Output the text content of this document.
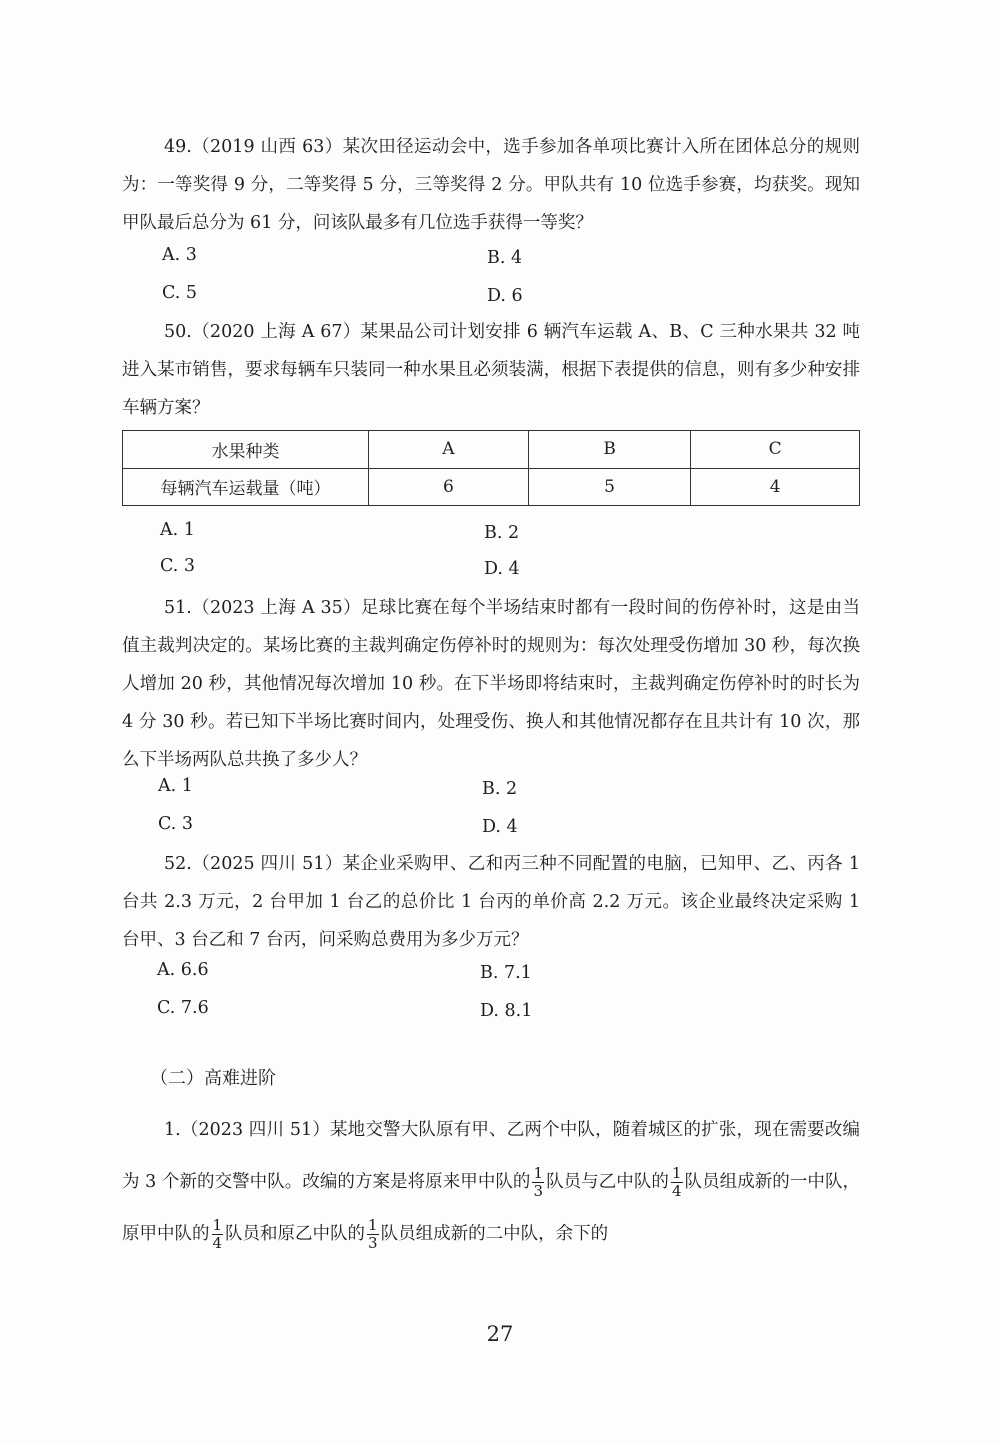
49.（2019 山西 63）某次田径运动会中，选手参加各单项比赛计入所在团体总分的规则为：一等奖得 9 分，二等奖得 5 分，三等奖得 2 分。甲队共有 10 位选手参赛，均获奖。现知甲队最后总分为 61 分，问该队最多有几位选手获得一等奖？

A. 3	B. 4
C. 5	D. 6

50.（2020 上海 A 67）某果品公司计划安排 6 辆汽车运载 A、B、C 三种水果共 32 吨进入某市销售，要求每辆车只装同一种水果且必须装满，根据下表提供的信息，则有多少种安排车辆方案？

水果种类	A	B	C
每辆汽车运载量（吨）	6	5	4
A. 1	B. 2
C. 3	D. 4

51.（2023 上海 A 35）足球比赛在每个半场结束时都有一段时间的伤停补时，这是由当值主裁判决定的。某场比赛的主裁判确定伤停补时的规则为：每次处理受伤增加 30 秒，每次换人增加 20 秒，其他情况每次增加 10 秒。在下半场即将结束时，主裁判确定伤停补时的时长为 4 分 30 秒。若已知下半场比赛时间内，处理受伤、换人和其他情况都存在且共计有 10 次，那么下半场两队总共换了多少人？

A. 1	B. 2
C. 3	D. 4

52.（2025 四川 51）某企业采购甲、乙和丙三种不同配置的电脑，已知甲、乙、丙各 1 台共 2.3 万元，2 台甲加 1 台乙的总价比 1 台丙的单价高 2.2 万元。该企业最终决定采购 1 台甲、3 台乙和 7 台丙，问采购总费用为多少万元？

A. 6.6	B. 7.1
C. 7.6	D. 8.1
（二）高难进阶

1.（2023 四川 51）某地交警大队原有甲、乙两个中队，随着城区的扩张，现在需要改编为 3 个新的交警中队。改编的方案是将原来甲中队的 $\frac{1}{3}$ 队员与乙中队的 $\frac{1}{4}$ 队员组成新的一中队，原甲中队的 $\frac{1}{4}$ 队员和原乙中队的 $\frac{1}{3}$ 队员组成新的二中队，余下的

27
